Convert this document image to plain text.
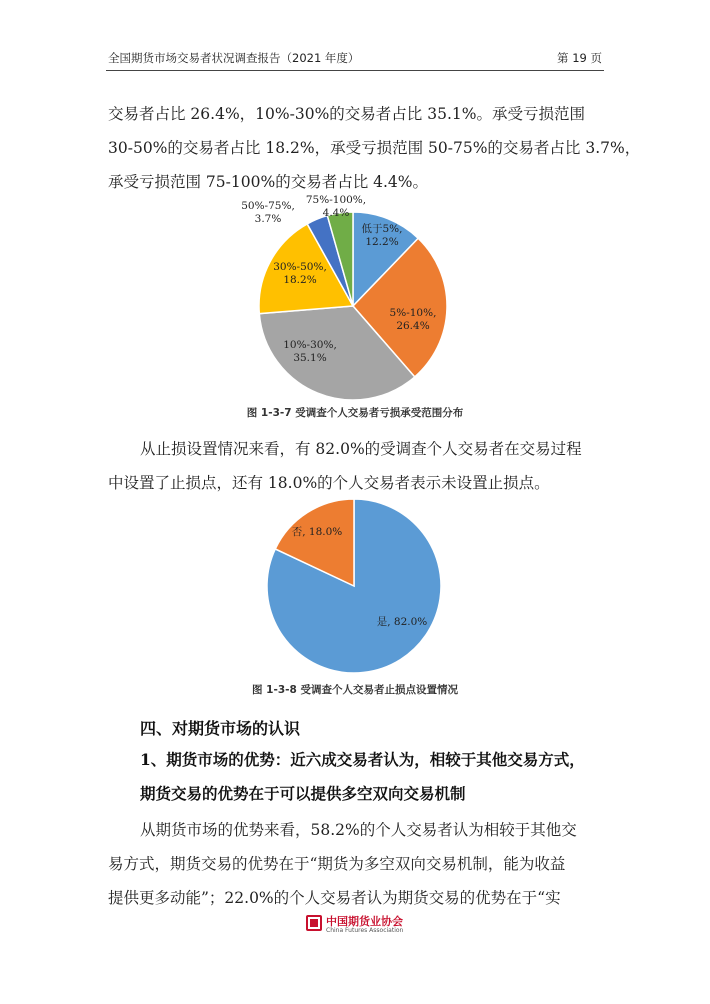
全国期货市场交易者状况调查报告（2021 年度）	第 19 页
交易者占比 26.4%，10%-30%的交易者占比 35.1%。承受亏损范围
30-50%的交易者占比 18.2%，承受亏损范围 50-75%的交易者占比 3.7%，
承受亏损范围 75-100%的交易者占比 4.4%。
低于5%, 12.2%
5%-10%, 26.4%
10%-30%, 35.1%
30%-50%, 18.2%
50%-75%, 3.7%
75%-100%, 4.4%
图 1-3-7 受调查个人交易者亏损承受范围分布
从止损设置情况来看，有 82.0%的受调查个人交易者在交易过程
中设置了止损点，还有 18.0%的个人交易者表示未设置止损点。
是, 82.0%
否, 18.0%
图 1-3-8 受调查个人交易者止损点设置情况
四、对期货市场的认识
1、期货市场的优势：近六成交易者认为，相较于其他交易方式，
期货交易的优势在于可以提供多空双向交易机制
从期货市场的优势来看，58.2%的个人交易者认为相较于其他交
易方式，期货交易的优势在于“期货为多空双向交易机制，能为收益
提供更多动能”；22.0%的个人交易者认为期货交易的优势在于“实
中国期货业协会
China Futures Association
